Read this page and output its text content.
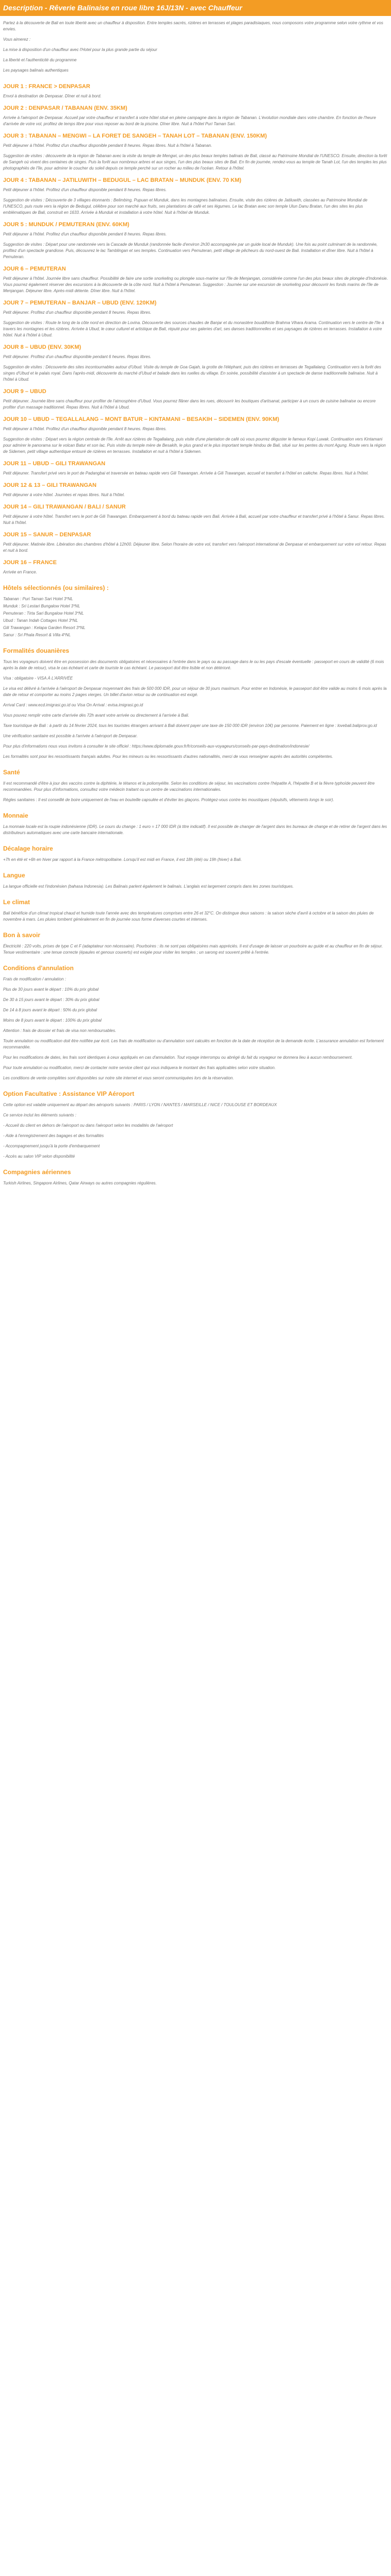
Description - Rêverie Balinaise en roue libre 16J/13N - avec Chauffeur

Partez à la découverte de Bali en toute liberté avec un chauffeur à disposition. Entre temples sacrés, rizières en terrasses et plages paradisiaques, nous composons votre programme selon votre rythme et vos envies.

Vous aimerez :

La mise à disposition d'un chauffeur avec l'Hotel pour la plus grande partie du séjour

La liberté et l'authenticité du programme

Les paysages balinais authentiques

JOUR 1 : FRANCE > DENPASAR

Envol à destination de Denpasar. Dîner et nuit à bord.

JOUR 2 : DENPASAR / TABANAN (ENV. 35KM)

Arrivée à l'aéroport de Denpasar. Accueil par votre chauffeur et transfert à votre hôtel situé en pleine campagne dans la région de Tabanan. L'évolution mondiale dans votre chambre. En fonction de l'heure d'arrivée de votre vol, profitez de temps libre pour vous reposer au bord de la piscine. Dîner libre. Nuit à l'hôtel Puri Taman Sari.

JOUR 3 : TABANAN – MENGWI – LA FORET DE SANGEH – TANAH LOT – TABANAN (ENV. 150KM)

Petit déjeuner à l'hôtel. Profitez d'un chauffeur disponible pendant 8 heures. Repas libres. Nuit à l'hôtel à Tabanan.

Suggestion de visites : découverte de la région de Tabanan avec la visite du temple de Mengwi, un des plus beaux temples balinais de Bali, classé au Patrimoine Mondial de l'UNESCO. Ensuite, direction la forêt de Sangeh où vivent des centaines de singes. Puis la forêt aux nombreux arbres et aux singes, l'un des plus beaux sites de Bali. En fin de journée, rendez-vous au temple de Tanah Lot, l'un des temples les plus photographiés de l'île, pour admirer le coucher du soleil depuis ce temple perché sur un rocher au milieu de l'océan. Retour à l'hôtel.

JOUR 4 : TABANAN – JATILUWITH – BEDUGUL – LAC BRATAN – MUNDUK (ENV. 70 KM)

Petit déjeuner à l'hôtel. Profitez d'un chauffeur disponible pendant 8 heures. Repas libres.

Suggestion de visites : Découverte de 3 villages étonnants : Belimbing, Pupuan et Munduk, dans les montagnes balinaises. Ensuite, visite des rizières de Jatiluwith, classées au Patrimoine Mondial de l'UNESCO, puis route vers la région de Bedugul, célèbre pour son marché aux fruits, ses plantations de café et ses légumes. Le lac Bratan avec son temple Ulun Danu Bratan, l'un des sites les plus emblématiques de Bali, construit en 1633. Arrivée à Munduk et installation à votre hôtel. Nuit à l'hôtel de Munduk.

JOUR 5 : MUNDUK / PEMUTERAN (ENV. 60KM)

Petit déjeuner à l'hôtel. Profitez d'un chauffeur disponible pendant 8 heures. Repas libres.

Suggestion de visites : Départ pour une randonnée vers la Cascade de Munduk (randonnée facile d'environ 2h30 accompagnée par un guide local de Munduk). Une fois au point culminant de la randonnée, profitez d'un spectacle grandiose. Puis, découvrez le lac Tamblingan et ses temples. Continuation vers Pemuteran, petit village de pêcheurs du nord-ouest de Bali. Installation et dîner libre. Nuit à l'hôtel à Pemuteran.

JOUR 6 – PEMUTERAN

Petit déjeuner à l'hôtel. Journée libre sans chauffeur. Possibilité de faire une sortie snorkeling ou plongée sous-marine sur l'île de Menjangan, considérée comme l'un des plus beaux sites de plongée d'Indonésie. Vous pourrez également réserver des excursions à la découverte de la côte nord. Nuit à l'hôtel à Pemuteran. Suggestion : Journée sur une excursion de snorkeling pour découvrir les fonds marins de l'île de Menjangan. Déjeuner libre. Après-midi détente. Dîner libre. Nuit à l'hôtel.

JOUR 7 – PEMUTERAN – BANJAR – UBUD (ENV. 120KM)

Petit déjeuner. Profitez d'un chauffeur disponible pendant 8 heures. Repas libres.

Suggestion de visites : Route le long de la côte nord en direction de Lovina. Découverte des sources chaudes de Banjar et du monastère bouddhiste Brahma Vihara Arama. Continuation vers le centre de l'île à travers les montagnes et les rizières. Arrivée à Ubud, le cœur culturel et artistique de Bali, réputé pour ses galeries d'art, ses danses traditionnelles et ses paysages de rizières en terrasses. Installation à votre hôtel. Nuit à l'hôtel à Ubud.

JOUR 8 – UBUD (ENV. 30KM)

Petit déjeuner. Profitez d'un chauffeur disponible pendant 6 heures. Repas libres.

Suggestion de visites : Découverte des sites incontournables autour d'Ubud. Visite du temple de Goa Gajah, la grotte de l'éléphant, puis des rizières en terrasses de Tegallalang. Continuation vers la forêt des singes d'Ubud et le palais royal. Dans l'après-midi, découverte du marché d'Ubud et balade dans les ruelles du village. En soirée, possibilité d'assister à un spectacle de danse traditionnelle balinaise. Nuit à l'hôtel à Ubud.

JOUR 9 – UBUD

Petit déjeuner. Journée libre sans chauffeur pour profiter de l'atmosphère d'Ubud. Vous pourrez flâner dans les rues, découvrir les boutiques d'artisanat, participer à un cours de cuisine balinaise ou encore profiter d'un massage traditionnel. Repas libres. Nuit à l'hôtel à Ubud.

JOUR 10 – UBUD – TEGALLALANG – MONT BATUR – KINTAMANI – BESAKIH – SIDEMEN (ENV. 90KM)

Petit déjeuner à l'hôtel. Profitez d'un chauffeur disponible pendant 8 heures. Repas libres.

Suggestion de visites : Départ vers la région centrale de l'île. Arrêt aux rizières de Tegallalang, puis visite d'une plantation de café où vous pourrez déguster le fameux Kopi Luwak. Continuation vers Kintamani pour admirer le panorama sur le volcan Batur et son lac. Puis visite du temple mère de Besakih, le plus grand et le plus important temple hindou de Bali, situé sur les pentes du mont Agung. Route vers la région de Sidemen, petit village authentique entouré de rizières en terrasses. Installation et nuit à l'hôtel à Sidemen.

JOUR 11 – UBUD – GILI TRAWANGAN

Petit déjeuner. Transfert privé vers le port de Padangbai et traversée en bateau rapide vers Gili Trawangan. Arrivée à Gili Trawangan, accueil et transfert à l'hôtel en calèche. Repas libres. Nuit à l'hôtel.

JOUR 12 & 13 – GILI TRAWANGAN

Petit déjeuner à votre hôtel. Journées et repas libres. Nuit à l'hôtel.

JOUR 14 – GILI TRAWANGAN / BALI / SANUR

Petit déjeuner à votre hôtel. Transfert vers le port de Gili Trawangan. Embarquement à bord du bateau rapide vers Bali. Arrivée à Bali, accueil par votre chauffeur et transfert privé à l'hôtel à Sanur. Repas libres. Nuit à l'hôtel.

JOUR 15 – SANUR – DENPASAR

Petit déjeuner. Matinée libre. Libération des chambres d'hôtel à 12h00. Déjeuner libre. Selon l'horaire de votre vol, transfert vers l'aéroport international de Denpasar et embarquement sur votre vol retour. Repas et nuit à bord.

JOUR 16 – FRANCE

Arrivée en France.

Hôtels sélectionnés (ou similaires) :
Tabanan : Puri Taman Sari Hotel 3*NL
Munduk : Sri Lestari Bungalow Hotel 3*NL
Pemuteran : Tirta Sari Bungalow Hotel 3*NL
Ubud : Tanan Indah Cottages Hotel 3*NL
Gili Trawangan : Kelapa Garden Resort 3*NL
Sanur : Sri Phala Resort & Villa 4*NL
Formalités douanières

Tous les voyageurs doivent être en possession des documents obligatoires et nécessaires à l'entrée dans le pays ou au passage dans le ou les pays d'escale éventuelle : passeport en cours de validité (6 mois après la date de retour), visa le cas échéant et carte de touriste le cas échéant. Le passeport doit être lisible et non détérioré.

Visa : obligatoire - VISA À L'ARRIVÉE

Le visa est délivré à l'arrivée à l'aéroport de Denpasar moyennant des frais de 500 000 IDR, pour un séjour de 30 jours maximum. Pour entrer en Indonésie, le passeport doit être valide au moins 6 mois après la date de retour et comporter au moins 2 pages vierges. Un billet d'avion retour ou de continuation est exigé.

Arrival Card : www.ecd.imigrasi.go.id ou Visa On Arrival : evisa.imigrasi.go.id

Vous pouvez remplir votre carte d'arrivée dès 72h avant votre arrivée ou directement à l'arrivée à Bali.

Taxe touristique de Bali : à partir du 14 février 2024, tous les touristes étrangers arrivant à Bali doivent payer une taxe de 150 000 IDR (environ 10€) par personne. Paiement en ligne : lovebali.baliprov.go.id

Une vérification sanitaire est possible à l'arrivée à l'aéroport de Denpasar.

Pour plus d'informations nous vous invitons à consulter le site officiel : https://www.diplomatie.gouv.fr/fr/conseils-aux-voyageurs/conseils-par-pays-destination/indonesie/

Les formalités sont pour les ressortissants français adultes. Pour les mineurs ou les ressortissants d'autres nationalités, merci de vous renseigner auprès des autorités compétentes.

Santé

Il est recommandé d'être à jour des vaccins contre la diphtérie, le tétanos et la poliomyélite. Selon les conditions de séjour, les vaccinations contre l'hépatite A, l'hépatite B et la fièvre typhoïde peuvent être recommandées. Pour plus d'informations, consultez votre médecin traitant ou un centre de vaccinations internationales.

Règles sanitaires : Il est conseillé de boire uniquement de l'eau en bouteille capsulée et d'éviter les glaçons. Protégez-vous contre les moustiques (répulsifs, vêtements longs le soir).

Monnaie

La monnaie locale est la roupie indonésienne (IDR). Le cours du change : 1 euro = 17 000 IDR (à titre indicatif). Il est possible de changer de l'argent dans les bureaux de change et de retirer de l'argent dans les distributeurs automatiques avec une carte bancaire internationale.

Décalage horaire

+7h en été et +6h en hiver par rapport à la France métropolitaine. Lorsqu'il est midi en France, il est 18h (été) ou 19h (hiver) à Bali.

Langue

La langue officielle est l'indonésien (bahasa Indonesia). Les Balinais parlent également le balinais. L'anglais est largement compris dans les zones touristiques.

Le climat

Bali bénéficie d'un climat tropical chaud et humide toute l'année avec des températures comprises entre 26 et 32°C. On distingue deux saisons : la saison sèche d'avril à octobre et la saison des pluies de novembre à mars. Les pluies tombent généralement en fin de journée sous forme d'averses courtes et intenses.

Bon à savoir

Électricité : 220 volts, prises de type C et F (adaptateur non nécessaire). Pourboires : ils ne sont pas obligatoires mais appréciés. Il est d'usage de laisser un pourboire au guide et au chauffeur en fin de séjour. Tenue vestimentaire : une tenue correcte (épaules et genoux couverts) est exigée pour visiter les temples ; un sarong est souvent prêté à l'entrée.

Conditions d'annulation

Frais de modification / annulation :

Plus de 30 jours avant le départ : 10% du prix global

De 30 à 15 jours avant le départ : 30% du prix global

De 14 à 8 jours avant le départ : 50% du prix global

Moins de 8 jours avant le départ : 100% du prix global

Attention : frais de dossier et frais de visa non remboursables.

Toute annulation ou modification doit être notifiée par écrit. Les frais de modification ou d'annulation sont calculés en fonction de la date de réception de la demande écrite. L'assurance annulation est fortement recommandée.

Pour les modifications de dates, les frais sont identiques à ceux appliqués en cas d'annulation. Tout voyage interrompu ou abrégé du fait du voyageur ne donnera lieu à aucun remboursement.

Pour toute annulation ou modification, merci de contacter notre service client qui vous indiquera le montant des frais applicables selon votre situation.

Les conditions de vente complètes sont disponibles sur notre site internet et vous seront communiquées lors de la réservation.

Option Facultative : Assistance VIP Aéroport

Cette option est valable uniquement au départ des aéroports suivants : PARIS / LYON / NANTES / MARSEILLE / NICE / TOULOUSE ET BORDEAUX

Ce service inclut les éléments suivants :

- Accueil du client en dehors de l'aéroport ou dans l'aéroport selon les modalités de l'aéroport

- Aide à l'enregistrement des bagages et des formalités

- Accompagnement jusqu'à la porte d'embarquement

- Accès au salon VIP selon disponibilité

Compagnies aériennes

Turkish Airlines, Singapore Airlines, Qatar Airways ou autres compagnies régulières.
